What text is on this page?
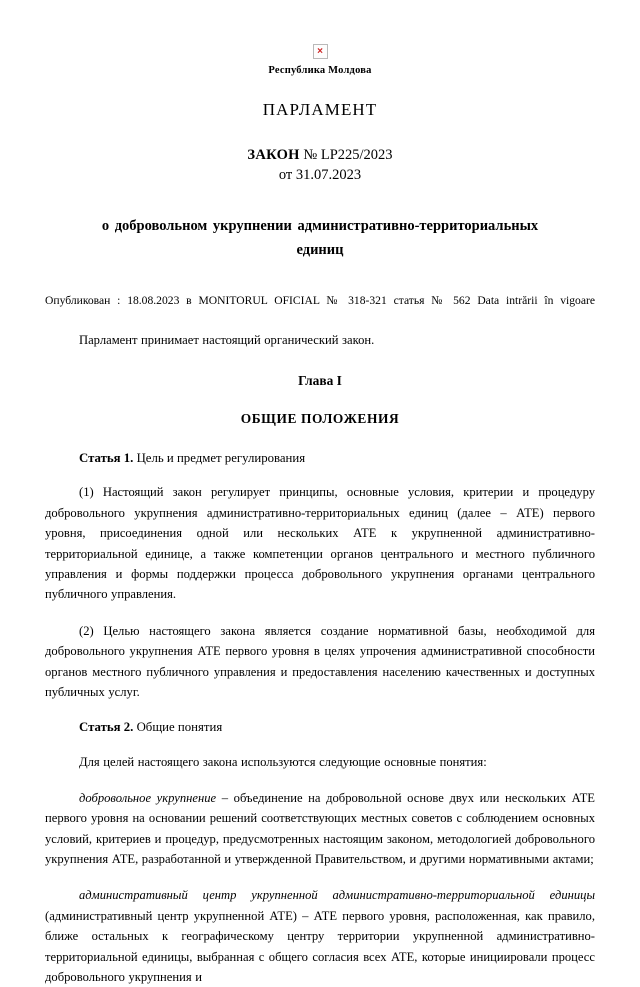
×
Республика Молдова
ПАРЛАМЕНТ
ЗАКОН № LP225/2023
от 31.07.2023
о добровольном укрупнении административно-территориальных единиц
Опубликован : 18.08.2023 в MONITORUL OFICIAL № 318-321 статья № 562 Data intrării în vigoare

Парламент принимает настоящий органический закон.

Глава I
ОБЩИЕ ПОЛОЖЕНИЯ
Статья 1. Цель и предмет регулирования

(1) Настоящий закон регулирует принципы, основные условия, критерии и процедуру добровольного укрупнения административно-территориальных единиц (далее – АТЕ) первого уровня, присоединения одной или нескольких АТЕ к укрупненной административно-территориальной единице, а также компетенции органов центрального и местного публичного управления и формы поддержки процесса добровольного укрупнения органами центрального публичного управления.

(2) Целью настоящего закона является создание нормативной базы, необходимой для добровольного укрупнения АТЕ первого уровня в целях упрочения административной способности органов местного публичного управления и предоставления населению качественных и доступных публичных услуг.

Статья 2. Общие понятия

Для целей настоящего закона используются следующие основные понятия:

добровольное укрупнение – объединение на добровольной основе двух или нескольких АТЕ первого уровня на основании решений соответствующих местных советов с соблюдением основных условий, критериев и процедур, предусмотренных настоящим законом, методологией добровольного укрупнения АТЕ, разработанной и утвержденной Правительством, и другими нормативными актами;

административный центр укрупненной административно-территориальной единицы (административный центр укрупненной АТЕ) – АТЕ первого уровня, расположенная, как правило, ближе остальных к географическому центру территории укрупненной административно-территориальной единицы, выбранная с общего согласия всех АТЕ, которые инициировали процесс добровольного укрупнения и
